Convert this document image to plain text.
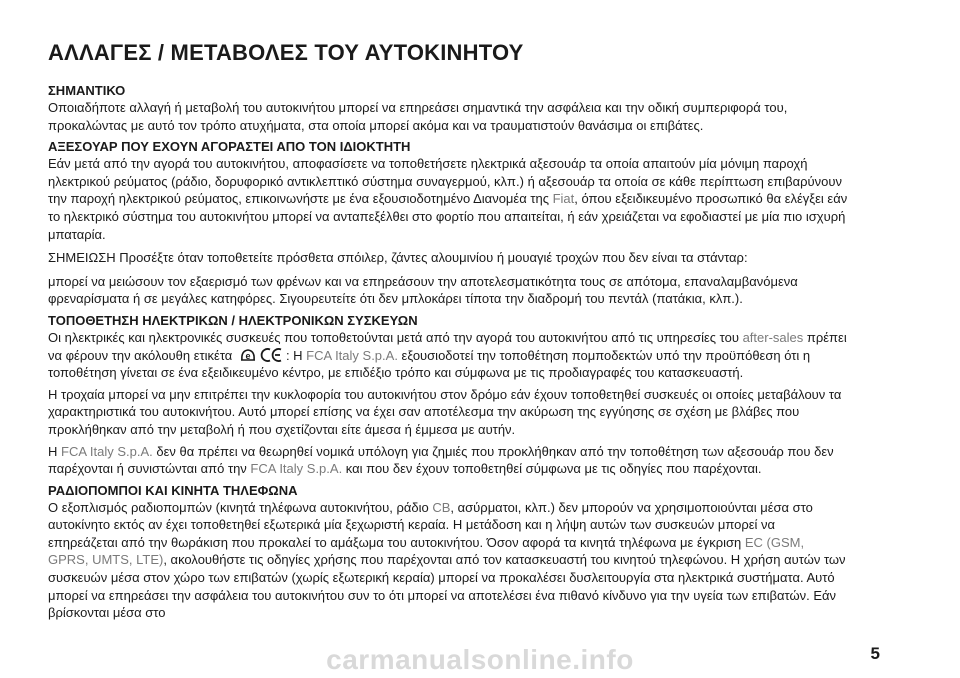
ΑΛΛΑΓΕΣ / ΜΕΤΑΒΟΛΕΣ ΤΟΥ ΑΥΤΟΚΙΝΗΤΟΥ

ΣΗΜΑΝΤΙΚΟ

Οποιαδήποτε αλλαγή ή μεταβολή του αυτοκινήτου μπορεί να επηρεάσει σημαντικά την ασφάλεια και την οδική συμπεριφορά του, προκαλώντας με αυτό τον τρόπο ατυχήματα, στα οποία μπορεί ακόμα και να τραυματιστούν θανάσιμα οι επιβάτες.

ΑΞΕΣΟΥΑΡ ΠΟΥ ΕΧΟΥΝ ΑΓΟΡΑΣΤΕΙ ΑΠΟ ΤΟΝ ΙΔΙΟΚΤΗΤΗ

Εάν μετά από την αγορά του αυτοκινήτου, αποφασίσετε να τοποθετήσετε ηλεκτρικά αξεσουάρ τα οποία απαιτούν μία μόνιμη παροχή ηλεκτρικού ρεύματος (ράδιο, δορυφορικό αντικλεπτικό σύστημα συναγερμού, κλπ.) ή αξεσουάρ τα οποία σε κάθε περίπτωση επιβαρύνουν την παροχή ηλεκτρικού ρεύματος, επικοινωνήστε με ένα εξουσιοδοτημένο Διανομέα της Fiat, όπου εξειδικευμένο προσωπικό θα ελέγξει εάν το ηλεκτρικό σύστημα του αυτοκινήτου μπορεί να ανταπεξέλθει στο φορτίο που απαιτείται, ή εάν χρειάζεται να εφοδιαστεί με μία πιο ισχυρή μπαταρία.

ΣΗΜΕΙΩΣΗ Προσέξτε όταν τοποθετείτε πρόσθετα σπόιλερ, ζάντες αλουμινίου ή μουαγιέ τροχών που δεν είναι τα στάνταρ:

μπορεί να μειώσουν τον εξαερισμό των φρένων και να επηρεάσουν την αποτελεσματικότητα τους σε απότομα, επαναλαμβανόμενα φρεναρίσματα ή σε μεγάλες κατηφόρες. Σιγουρευτείτε ότι δεν μπλοκάρει τίποτα την διαδρομή του πεντάλ (πατάκια, κλπ.).

ΤΟΠΟΘΕΤΗΣΗ ΗΛΕΚΤΡΙΚΩΝ / ΗΛΕΚΤΡΟΝΙΚΩΝ ΣΥΣΚΕΥΩΝ

Οι ηλεκτρικές και ηλεκτρονικές συσκευές που τοποθετούνται μετά από την αγορά του αυτοκινήτου από τις υπηρεσίες του after-sales πρέπει να φέρουν την ακόλουθη ετικέτα e	: Η FCA Italy S.p.A. εξουσιοδοτεί την τοποθέτηση πομποδεκτών υπό την προϋπόθεση ότι η τοποθέτηση γίνεται σε ένα εξειδικευμένο κέντρο, με επιδέξιο τρόπο και σύμφωνα με τις προδιαγραφές του κατασκευαστή.

Η τροχαία μπορεί να μην επιτρέπει την κυκλοφορία του αυτοκινήτου στον δρόμο εάν έχουν τοποθετηθεί συσκευές οι οποίες μεταβάλουν τα χαρακτηριστικά του αυτοκινήτου. Αυτό μπορεί επίσης να έχει σαν αποτέλεσμα την ακύρωση της εγγύησης σε σχέση με βλάβες που προκλήθηκαν από την μεταβολή ή που σχετίζονται είτε άμεσα ή έμμεσα με αυτήν.

Η FCA Italy S.p.A. δεν θα πρέπει να θεωρηθεί νομικά υπόλογη για ζημιές που προκλήθηκαν από την τοποθέτηση των αξεσουάρ που δεν παρέχονται ή συνιστώνται από την FCA Italy S.p.A. και που δεν έχουν τοποθετηθεί σύμφωνα με τις οδηγίες που παρέχονται.

ΡΑΔΙΟΠΟΜΠΟΙ ΚΑΙ ΚΙΝΗΤΑ ΤΗΛΕΦΩΝΑ

Ο εξοπλισμός ραδιοπομπών (κινητά τηλέφωνα αυτοκινήτου, ράδιο CB, ασύρματοι, κλπ.) δεν μπορούν να χρησιμοποιούνται μέσα στο αυτοκίνητο εκτός αν έχει τοποθετηθεί εξωτερικά μία ξεχωριστή κεραία. Η μετάδοση και η λήψη αυτών των συσκευών μπορεί να επηρεάζεται από την θωράκιση που προκαλεί το αμάξωμα του αυτοκινήτου. Όσον αφορά τα κινητά τηλέφωνα με έγκριση EC (GSM, GPRS, UMTS, LTE), ακολουθήστε τις οδηγίες χρήσης που παρέχονται από τον κατασκευαστή του κινητού τηλεφώνου. Η χρήση αυτών των συσκευών μέσα στον χώρο των επιβατών (χωρίς εξωτερική κεραία) μπορεί να προκαλέσει δυσλειτουργία στα ηλεκτρικά συστήματα. Αυτό μπορεί να επηρεάσει την ασφάλεια του αυτοκινήτου συν το ότι μπορεί να αποτελέσει ένα πιθανό κίνδυνο για την υγεία των επιβατών. Εάν βρίσκονται μέσα στο

carmanualsonline.info	5
